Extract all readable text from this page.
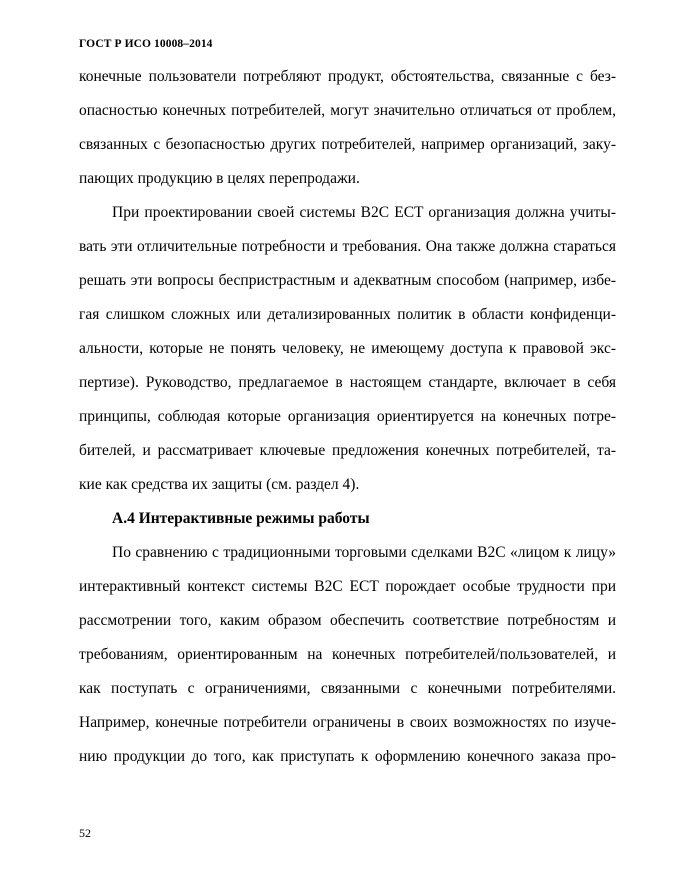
ГОСТ Р ИСО 10008–2014
конечные пользователи потребляют продукт, обстоятельства, связанные с без-
опасностью конечных потребителей, могут значительно отличаться от проблем,
связанных с безопасностью других потребителей, например организаций, заку-
пающих продукцию в целях перепродажи.
При проектировании своей системы B2C ECT организация должна учиты-
вать эти отличительные потребности и требования. Она также должна стараться
решать эти вопросы беспристрастным и адекватным способом (например, избе-
гая слишком сложных или детализированных политик в области конфиденци-
альности, которые не понять человеку, не имеющему доступа к правовой экс-
пертизе). Руководство, предлагаемое в настоящем стандарте, включает в себя
принципы, соблюдая которые организация ориентируется на конечных потре-
бителей, и рассматривает ключевые предложения конечных потребителей, та-
кие как средства их защиты (см. раздел 4).
А.4 Интерактивные режимы работы
По сравнению с традиционными торговыми сделками B2C «лицом к лицу»
интерактивный контекст системы B2C ECT порождает особые трудности при
рассмотрении того, каким образом обеспечить соответствие потребностям и
требованиям, ориентированным на конечных потребителей/пользователей, и
как поступать с ограничениями, связанными с конечными потребителями.
Например, конечные потребители ограничены в своих возможностях по изуче-
нию продукции до того, как приступать к оформлению конечного заказа про-
52
